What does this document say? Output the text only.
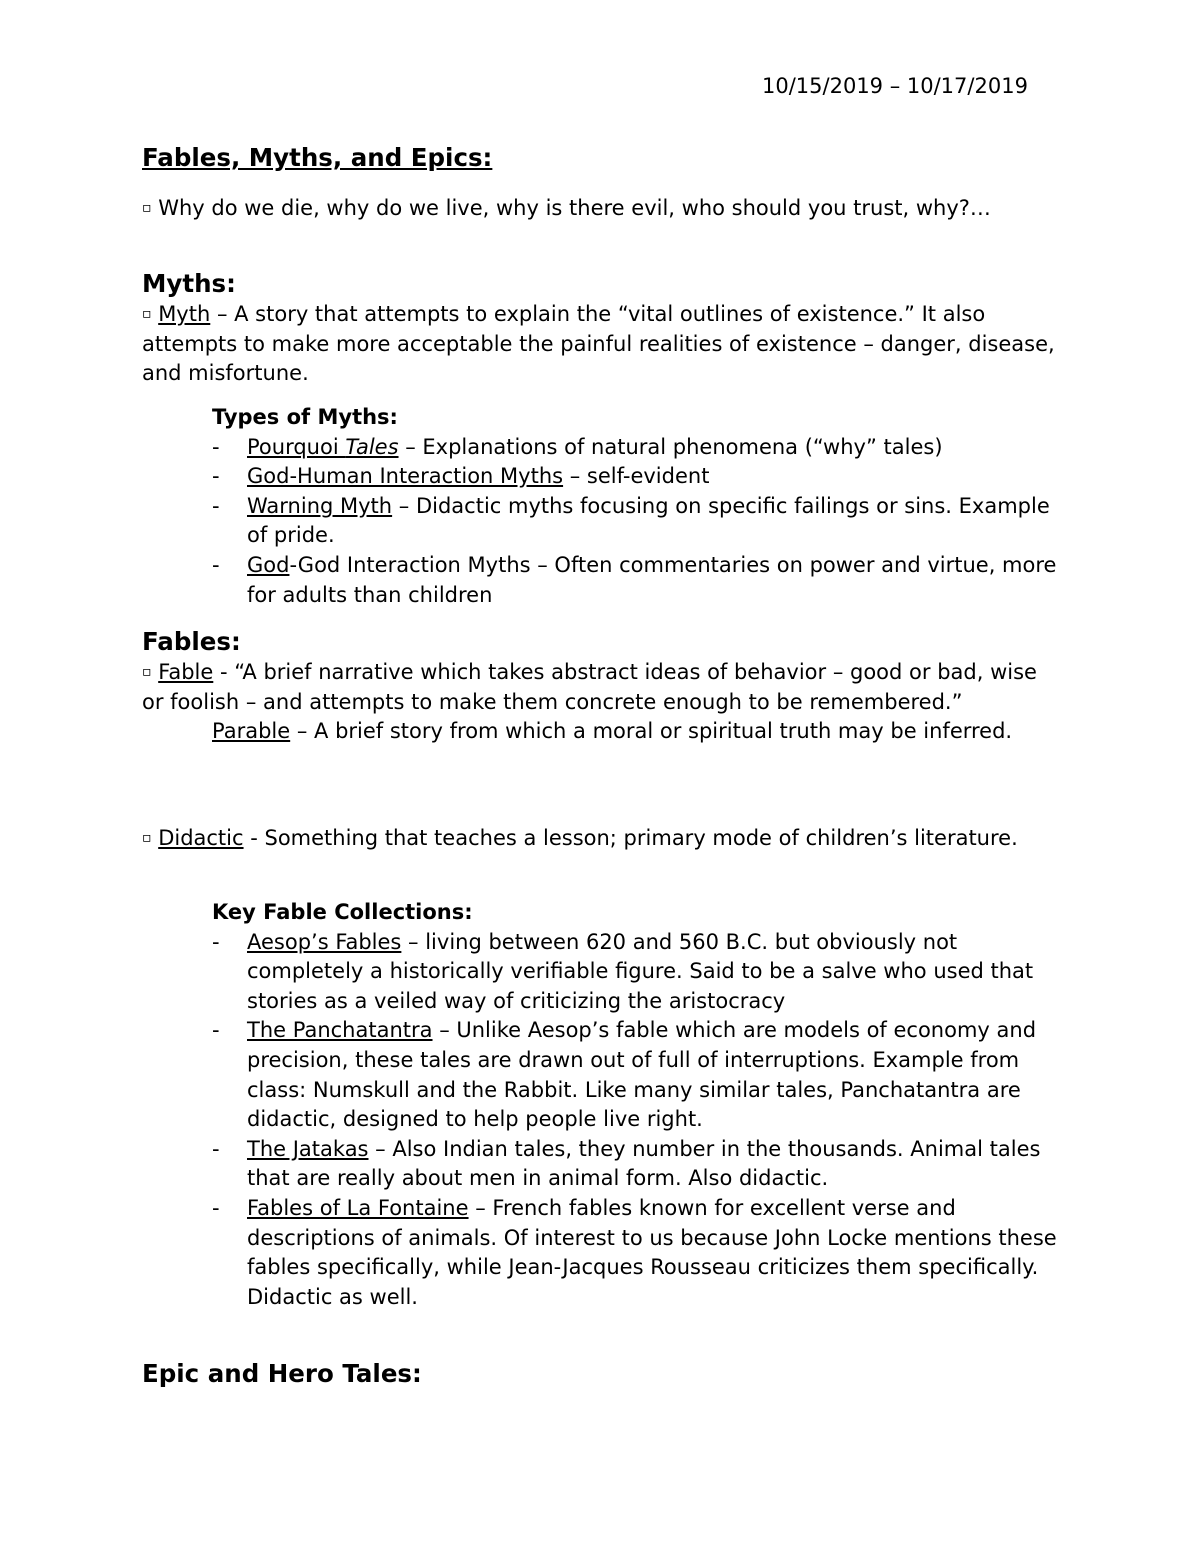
10/15/2019 – 10/17/2019
Fables, Myths, and Epics:
▫ Why do we die, why do we live, why is there evil, who should you trust, why?…
Myths:
▫ Myth – A story that attempts to explain the “vital outlines of existence.” It also attempts to make more acceptable the painful realities of existence – danger, disease, and misfortune.
Types of Myths:
- Pourquoi Tales – Explanations of natural phenomena (“why” tales)
- God-Human Interaction Myths – self-evident
- Warning Myth – Didactic myths focusing on specific failings or sins. Example of pride.
- God-God Interaction Myths – Often commentaries on power and virtue, more for adults than children
Fables:
▫ Fable - “A brief narrative which takes abstract ideas of behavior – good or bad, wise or foolish – and attempts to make them concrete enough to be remembered.”
Parable – A brief story from which a moral or spiritual truth may be inferred.
▫ Didactic - Something that teaches a lesson; primary mode of children’s literature.
Key Fable Collections:
- Aesop’s Fables – living between 620 and 560 B.C. but obviously not completely a historically verifiable figure. Said to be a salve who used that stories as a veiled way of criticizing the aristocracy
- The Panchatantra – Unlike Aesop’s fable which are models of economy and precision, these tales are drawn out of full of interruptions. Example from class: Numskull and the Rabbit. Like many similar tales, Panchatantra are didactic, designed to help people live right.
- The Jatakas – Also Indian tales, they number in the thousands. Animal tales that are really about men in animal form. Also didactic.
- Fables of La Fontaine – French fables known for excellent verse and descriptions of animals. Of interest to us because John Locke mentions these fables specifically, while Jean-Jacques Rousseau criticizes them specifically. Didactic as well.
Epic and Hero Tales:
